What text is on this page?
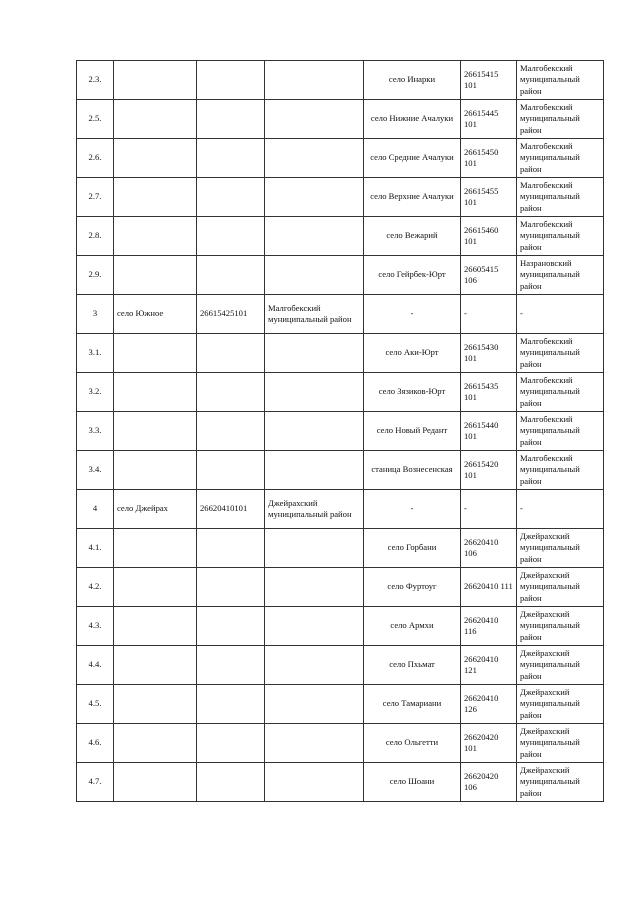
2.3.				село Инарки	26615415 101	Малгобекский муниципальный район
2.5.				село Нижние Ачалуки	26615445 101	Малгобекский муниципальный район
2.6.				село Средние Ачалуки	26615450 101	Малгобекский муниципальный район
2.7.				село Верхние Ачалуки	26615455 101	Малгобекский муниципальный район
2.8.				село Вежарий	26615460 101	Малгобекский муниципальный район
2.9.				село Гейрбек-Юрт	26605415 106	Назрановский муниципальный район
3	село Южное	26615425101	Малгобекский муниципальный район	-	-	-
3.1.				село Аки-Юрт	26615430 101	Малгобекский муниципальный район
3.2.				село Зязиков-Юрт	26615435 101	Малгобекский муниципальный район
3.3.				село Новый Редант	26615440 101	Малгобекский муниципальный район
3.4.				станица Вознесенская	26615420 101	Малгобекский муниципальный район
4	село Джейрах	26620410101	Джейрахский муниципальный район	-	-	-
4.1.				село Горбани	26620410 106	Джейрахский муниципальный район
4.2.				село Фуртоуг	26620410 111	Джейрахский муниципальный район
4.3.				село Армхи	26620410 116	Джейрахский муниципальный район
4.4.				село Пхьмат	26620410 121	Джейрахский муниципальный район
4.5.				село Тамариани	26620410 126	Джейрахский муниципальный район
4.6.				село Ольгетти	26620420 101	Джейрахский муниципальный район
4.7.				село Шоани	26620420 106	Джейрахский муниципальный район
